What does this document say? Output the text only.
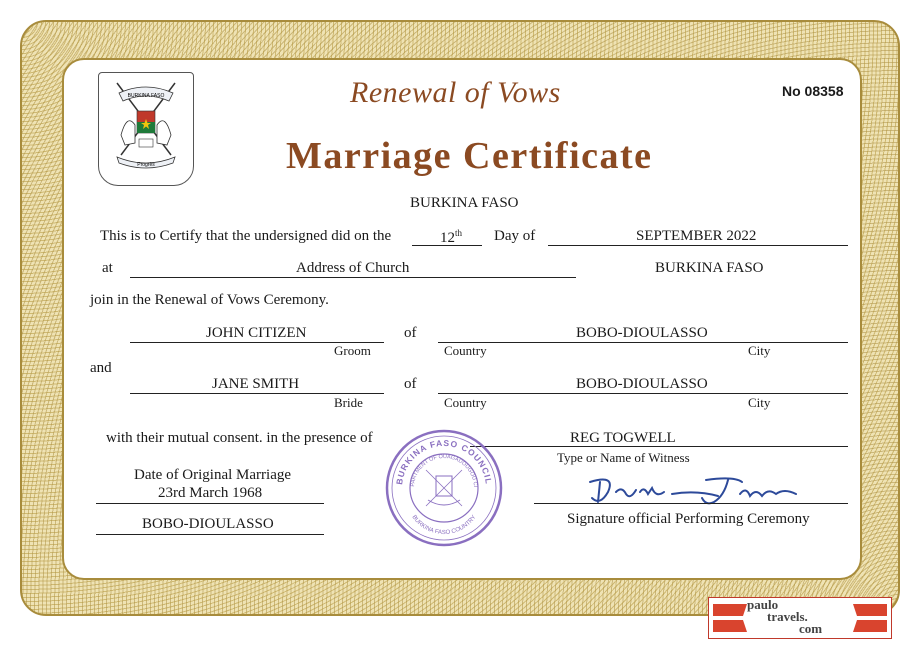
BURKINA FASO
Progrès
Renewal of Vows
Marriage Certificate
No 08358
BURKINA FASO
This is to Certify that the undersigned did on the	12th Day of	SEPTEMBER 2022
at	Address of Church	BURKINA FASO
join in the Renewal of Vows Ceremony.
JOHN CITIZEN
Groom
of	BOBO-DIOULASSO
Country	City
and
JANE SMITH
Bride
of	BOBO-DIOULASSO
Country	City
with their mutual consent. in the presence of	REG TOGWELL
Type or Name of Witness
Date of Original Marriage
23rd March 1968
BOBO-DIOULASSO
BURKINA FASO COUNCIL
PARTMENT OF OUAGADOUGOU CI
BURKINA FASO COUNTRY	Signature official Performing Ceremony
paulo
travels.
com
